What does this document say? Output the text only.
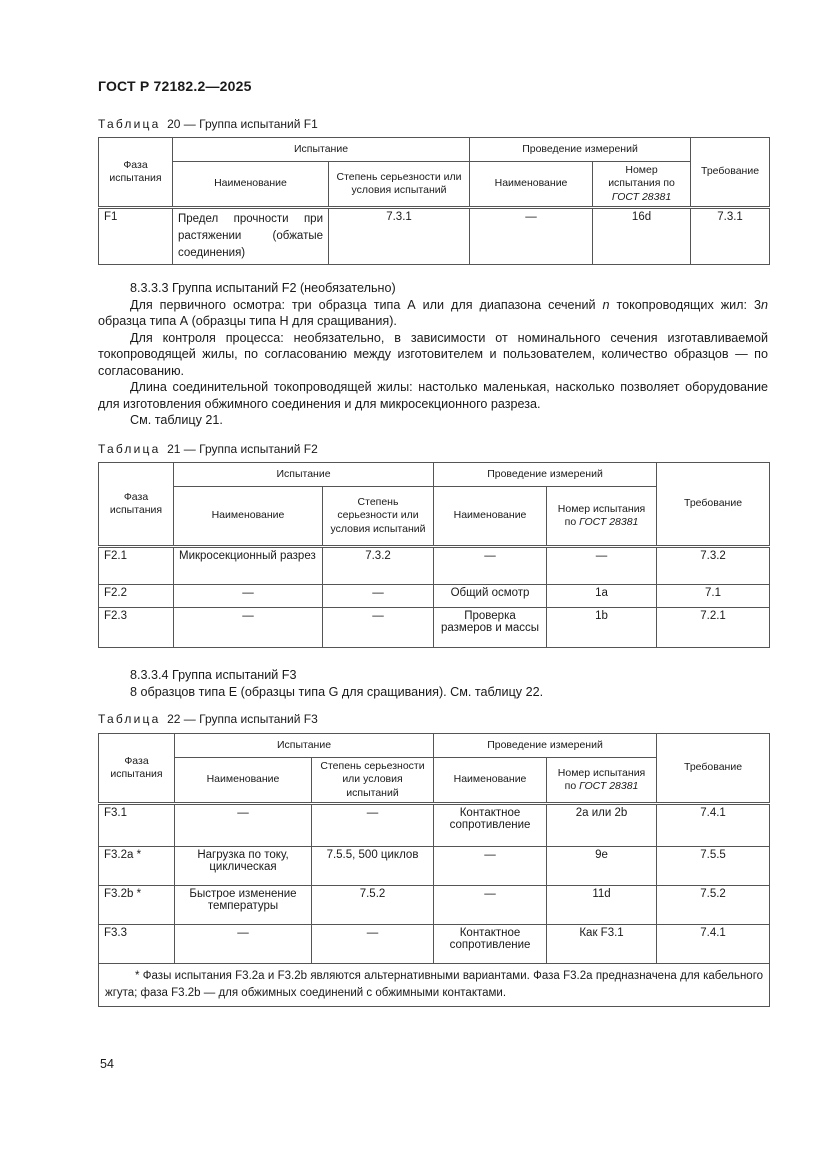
ГОСТ Р 72182.2—2025
Таблица 20 — Группа испытаний F1
Фаза испытания	Испытание		Проведение измерений		Требование
	Наименование	Степень серьезности или условия испытаний	Наименование	Номер испытания по
ГОСТ 28381	
F1	Предел прочности при растяжении (обжатые соединения)	7.3.1	—	16d	7.3.1

8.3.3.3 Группа испытаний F2 (необязательно)

Для первичного осмотра: три образца типа А или для диапазона сечений n токопроводящих жил: 3n образца типа А (образцы типа Н для сращивания).

Для контроля процесса: необязательно, в зависимости от номинального сечения изготавливаемой токопроводящей жилы, по согласованию между изготовителем и пользователем, количество образцов — по согласованию.

Длина соединительной токопроводящей жилы: настолько маленькая, насколько позволяет оборудование для изготовления обжимного соединения и для микросекционного разреза.

См. таблицу 21.

Таблица 21 — Группа испытаний F2
Фаза испытания	Испытание		Проведение измерений		Требование
	Наименование	Степень серьезности или условия испытаний	Наименование	Номер испытания по ГОСТ 28381	
F2.1	Микросекционный разрез	7.3.2	—	—	7.3.2
F2.2	—	—	Общий осмотр	1a	7.1
F2.3	—	—	Проверка размеров и массы	1b	7.2.1

8.3.3.4 Группа испытаний F3

8 образцов типа E (образцы типа G для сращивания). См. таблицу 22.

Таблица 22 — Группа испытаний F3
Фаза испытания	Испытание		Проведение измерений		Требование
	Наименование	Степень серьезности или условия испытаний	Наименование	Номер испытания по ГОСТ 28381	
F3.1	—	—	Контактное сопротивление	2a или 2b	7.4.1
F3.2a *	Нагрузка по току, циклическая	7.5.5, 500 циклов	—	9e	7.5.5
F3.2b *	Быстрое изменение температуры	7.5.2	—	11d	7.5.2
F3.3	—	—	Контактное сопротивление	Как F3.1	7.4.1
* Фазы испытания F3.2a и F3.2b являются альтернативными вариантами. Фаза F3.2a предназначена для кабельного жгута; фаза F3.2b — для обжимных соединений с обжимными контактами.					
54
